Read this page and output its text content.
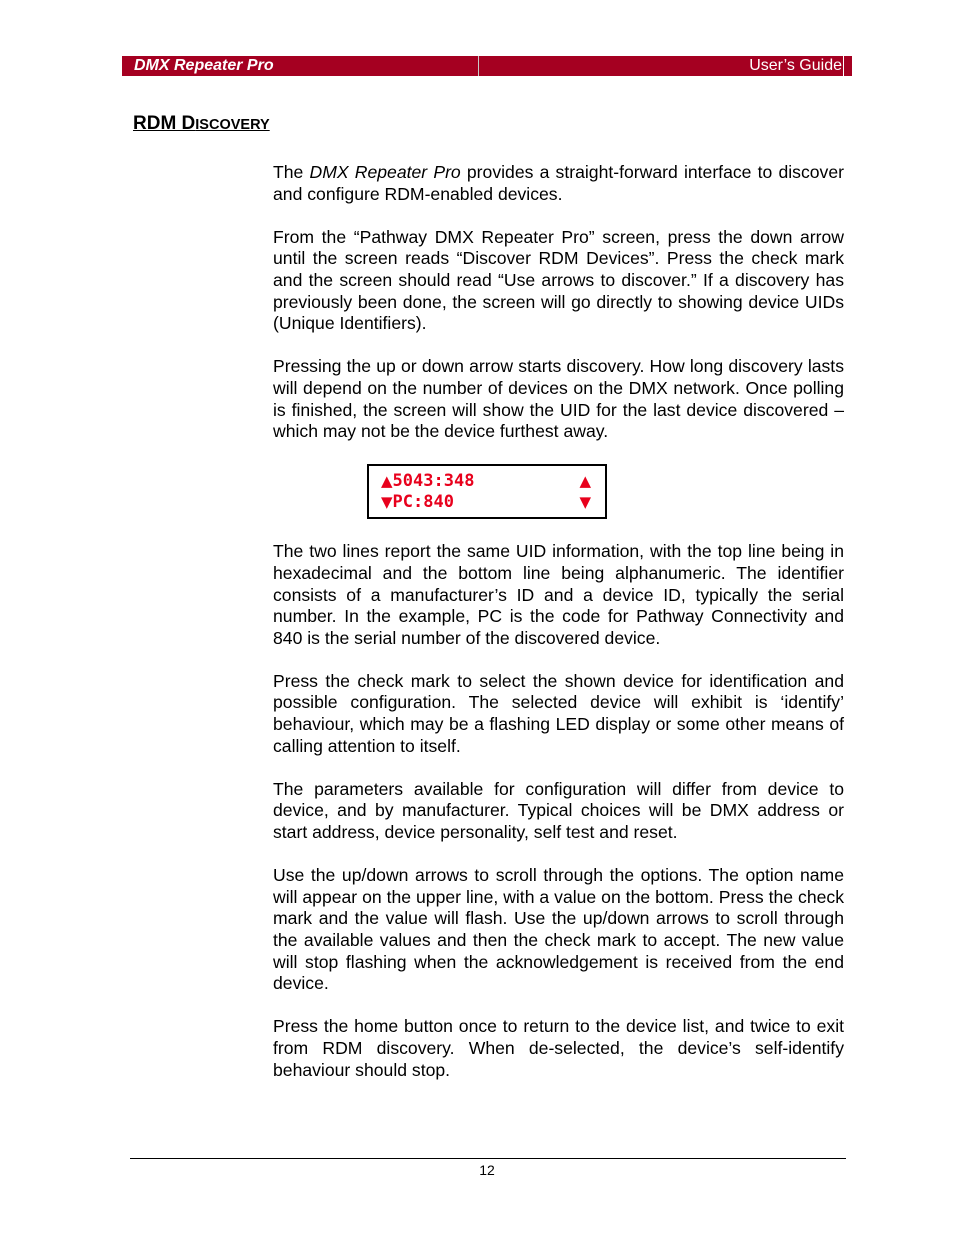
DMX Repeater Pro	User’s Guide
RDM DISCOVERY

The DMX Repeater Pro provides a straight-forward interface to discover and configure RDM-enabled devices.

From the “Pathway DMX Repeater Pro” screen, press the down arrow until the screen reads “Discover RDM Devices”. Press the check mark and the screen should read “Use arrows to discover.” If a discovery has previously been done, the screen will go directly to showing device UIDs (Unique Identifiers).

Pressing the up or down arrow starts discovery. How long discovery lasts will depend on the number of devices on the DMX network. Once polling is finished, the screen will show the UID for the last device discovered – which may not be the device furthest away.

▲5043:348	▲
▼PC:840	▼

The two lines report the same UID information, with the top line being in hexadecimal and the bottom line being alphanumeric. The identifier consists of a manufacturer’s ID and a device ID, typically the serial number. In the example, PC is the code for Pathway Connectivity and 840 is the serial number of the discovered device.

Press the check mark to select the shown device for identification and possible configuration. The selected device will exhibit is ‘identify’ behaviour, which may be a flashing LED display or some other means of calling attention to itself.

The parameters available for configuration will differ from device to device, and by manufacturer. Typical choices will be DMX address or start address, device personality, self test and reset.

Use the up/down arrows to scroll through the options. The option name will appear on the upper line, with a value on the bottom. Press the check mark and the value will flash. Use the up/down arrows to scroll through the available values and then the check mark to accept. The new value will stop flashing when the acknowledgement is received from the end device.

Press the home button once to return to the device list, and twice to exit from RDM discovery. When de-selected, the device’s self-identify behaviour should stop.

12
